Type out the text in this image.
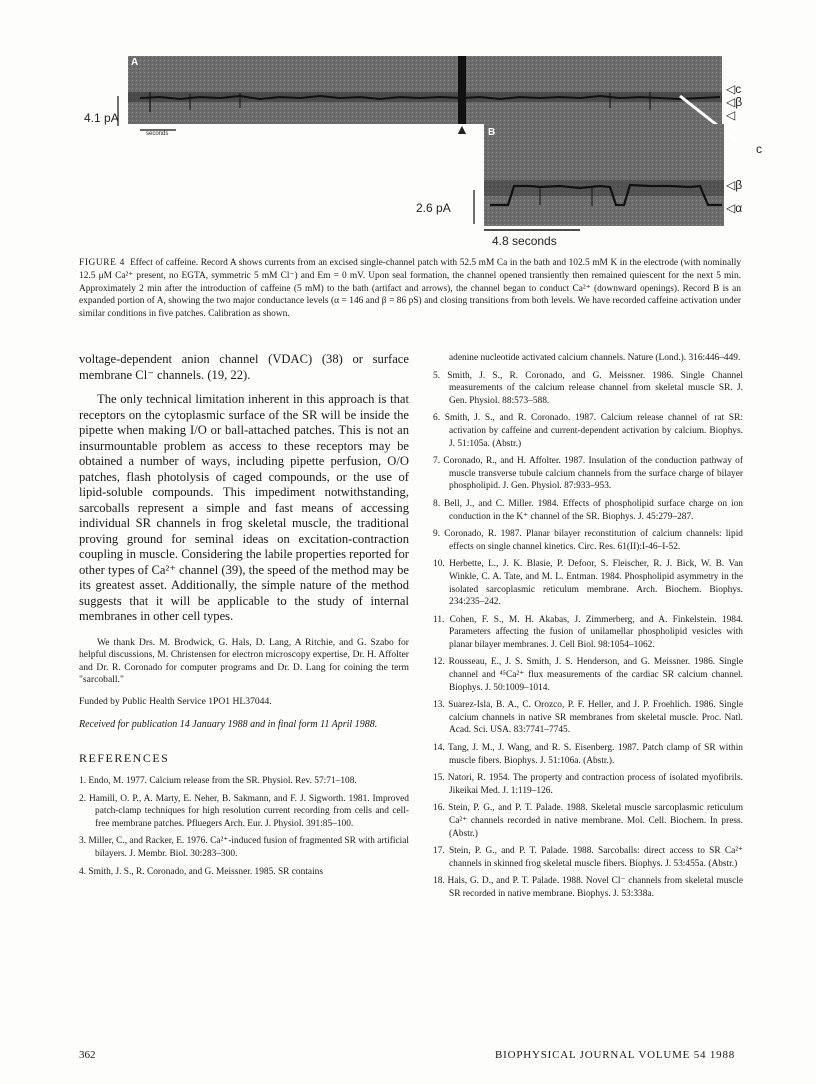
A
B
4.1 pA
seconds	▲
2.6 pA
4.8 seconds
◁c
◁β
◁
c
◁β
◁α
FIGURE 4 Effect of caffeine. Record A shows currents from an excised single-channel patch with 52.5 mM Ca in the bath and 102.5 mM K in the electrode (with nominally 12.5 μM Ca²⁺ present, no EGTA, symmetric 5 mM Cl⁻) and Em = 0 mV. Upon seal formation, the channel opened transiently then remained quiescent for the next 5 min. Approximately 2 min after the introduction of caffeine (5 mM) to the bath (artifact and arrows), the channel began to conduct Ca²⁺ (downward openings). Record B is an expanded portion of A, showing the two major conductance levels (α = 146 and β = 86 pS) and closing transitions from both levels. We have recorded caffeine activation under similar conditions in five patches. Calibration as shown.

voltage-dependent anion channel (VDAC) (38) or surface membrane Cl⁻ channels. (19, 22).

The only technical limitation inherent in this approach is that receptors on the cytoplasmic surface of the SR will be inside the pipette when making I/O or ball-attached patches. This is not an insurmountable problem as access to these receptors may be obtained a number of ways, including pipette perfusion, O/O patches, flash photolysis of caged compounds, or the use of lipid-soluble compounds. This impediment notwithstanding, sarcoballs represent a simple and fast means of accessing individual SR channels in frog skeletal muscle, the traditional proving ground for seminal ideas on excitation-contraction coupling in muscle. Considering the labile properties reported for other types of Ca²⁺ channel (39), the speed of the method may be its greatest asset. Additionally, the simple nature of the method suggests that it will be applicable to the study of internal membranes in other cell types.

We thank Drs. M. Brodwick, G. Hals, D. Lang, A Ritchie, and G. Szabo for helpful discussions, M. Christensen for electron microscopy expertise, Dr. H. Affolter and Dr. R. Coronado for computer programs and Dr. D. Lang for coining the term "sarcoball."

Funded by Public Health Service 1PO1 HL37044.

Received for publication 14 January 1988 and in final form 11 April 1988.

REFERENCES
1. Endo, M. 1977. Calcium release from the SR. Physiol. Rev. 57:71–108.
2. Hamill, O. P., A. Marty, E. Neher, B. Sakmann, and F. J. Sigworth. 1981. Improved patch-clamp techniques for high resolution current recording from cells and cell-free membrane patches. Pfluegers Arch. Eur. J. Physiol. 391:85–100.
3. Miller, C., and Racker, E. 1976. Ca²⁺-induced fusion of fragmented SR with artificial bilayers. J. Membr. Biol. 30:283–300.
4. Smith, J. S., R. Coronado, and G. Meissner. 1985. SR contains
adenine nucleotide activated calcium channels. Nature (Lond.). 316:446–449.
5. Smith, J. S., R. Coronado, and G. Meissner. 1986. Single Channel measurements of the calcium release channel from skeletal muscle SR. J. Gen. Physiol. 88:573–588.
6. Smith, J. S., and R. Coronado. 1987. Calcium release channel of rat SR: activation by caffeine and current-dependent activation by calcium. Biophys. J. 51:105a. (Abstr.)
7. Coronado, R., and H. Affolter. 1987. Insulation of the conduction pathway of muscle transverse tubule calcium channels from the surface charge of bilayer phospholipid. J. Gen. Physiol. 87:933–953.
8. Bell, J., and C. Miller. 1984. Effects of phospholipid surface charge on ion conduction in the K⁺ channel of the SR. Biophys. J. 45:279–287.
9. Coronado, R. 1987. Planar bilayer reconstitution of calcium channels: lipid effects on single channel kinetics. Circ. Res. 61(II):I-46–I-52.
10. Herbette, L., J. K. Blasie, P. Defoor, S. Fleischer, R. J. Bick, W. B. Van Winkle, C. A. Tate, and M. L. Entman. 1984. Phospholipid asymmetry in the isolated sarcoplasmic reticulum membrane. Arch. Biochem. Biophys. 234:235–242.
11. Cohen, F. S., M. H. Akabas, J. Zimmerberg, and A. Finkelstein. 1984. Parameters affecting the fusion of unilamellar phospholipid vesicles with planar bilayer membranes. J. Cell Biol. 98:1054–1062.
12. Rousseau, E., J. S. Smith, J. S. Henderson, and G. Meissner. 1986. Single channel and ⁴⁵Ca²⁺ flux measurements of the cardiac SR calcium channel. Biophys. J. 50:1009–1014.
13. Suarez-Isla, B. A., C. Orozco, P. F. Heller, and J. P. Froehlich. 1986. Single calcium channels in native SR membranes from skeletal muscle. Proc. Natl. Acad. Sci. USA. 83:7741–7745.
14. Tang, J. M., J. Wang, and R. S. Eisenberg. 1987. Patch clamp of SR within muscle fibers. Biophys. J. 51:106a. (Abstr.).
15. Natori, R. 1954. The property and contraction process of isolated myofibrils. Jikeikai Med. J. 1:119–126.
16. Stein, P. G., and P. T. Palade. 1988. Skeletal muscle sarcoplasmic reticulum Ca²⁺ channels recorded in native membrane. Mol. Cell. Biochem. In press. (Abstr.)
17. Stein, P. G., and P. T. Palade. 1988. Sarcoballs: direct access to SR Ca²⁺ channels in skinned frog skeletal muscle fibers. Biophys. J. 53:455a. (Abstr.)
18. Hals, G. D., and P. T. Palade. 1988. Novel Cl⁻ channels from skeletal muscle SR recorded in native membrane. Biophys. J. 53:338a.
362	BIOPHYSICAL JOURNAL VOLUME 54 1988
